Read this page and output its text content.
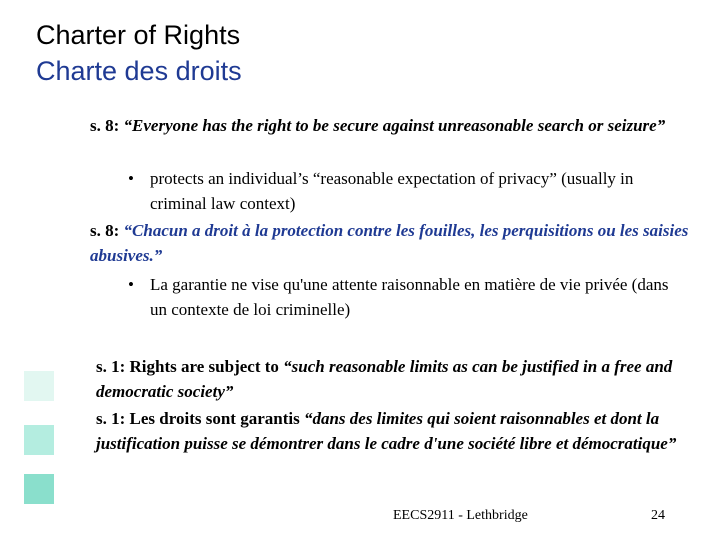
Charter of Rights
Charte des droits
s. 8: “Everyone has the right to be secure against unreasonable search or seizure”
• protects an individual’s “reasonable expectation of privacy” (usually in criminal law context)
s. 8: “Chacun a droit à la protection contre les fouilles, les perquisitions ou les saisies abusives.”
• La garantie ne vise qu'une attente raisonnable en matière de vie privée (dans un contexte de loi criminelle)
s. 1: Rights are subject to “such reasonable limits as can be justified in a free and democratic society”
s. 1: Les droits sont garantis “dans des limites qui soient raisonnables et dont la justification puisse se démontrer dans le cadre d'une société libre et démocratique”
EECS2911 - Lethbridge	24
